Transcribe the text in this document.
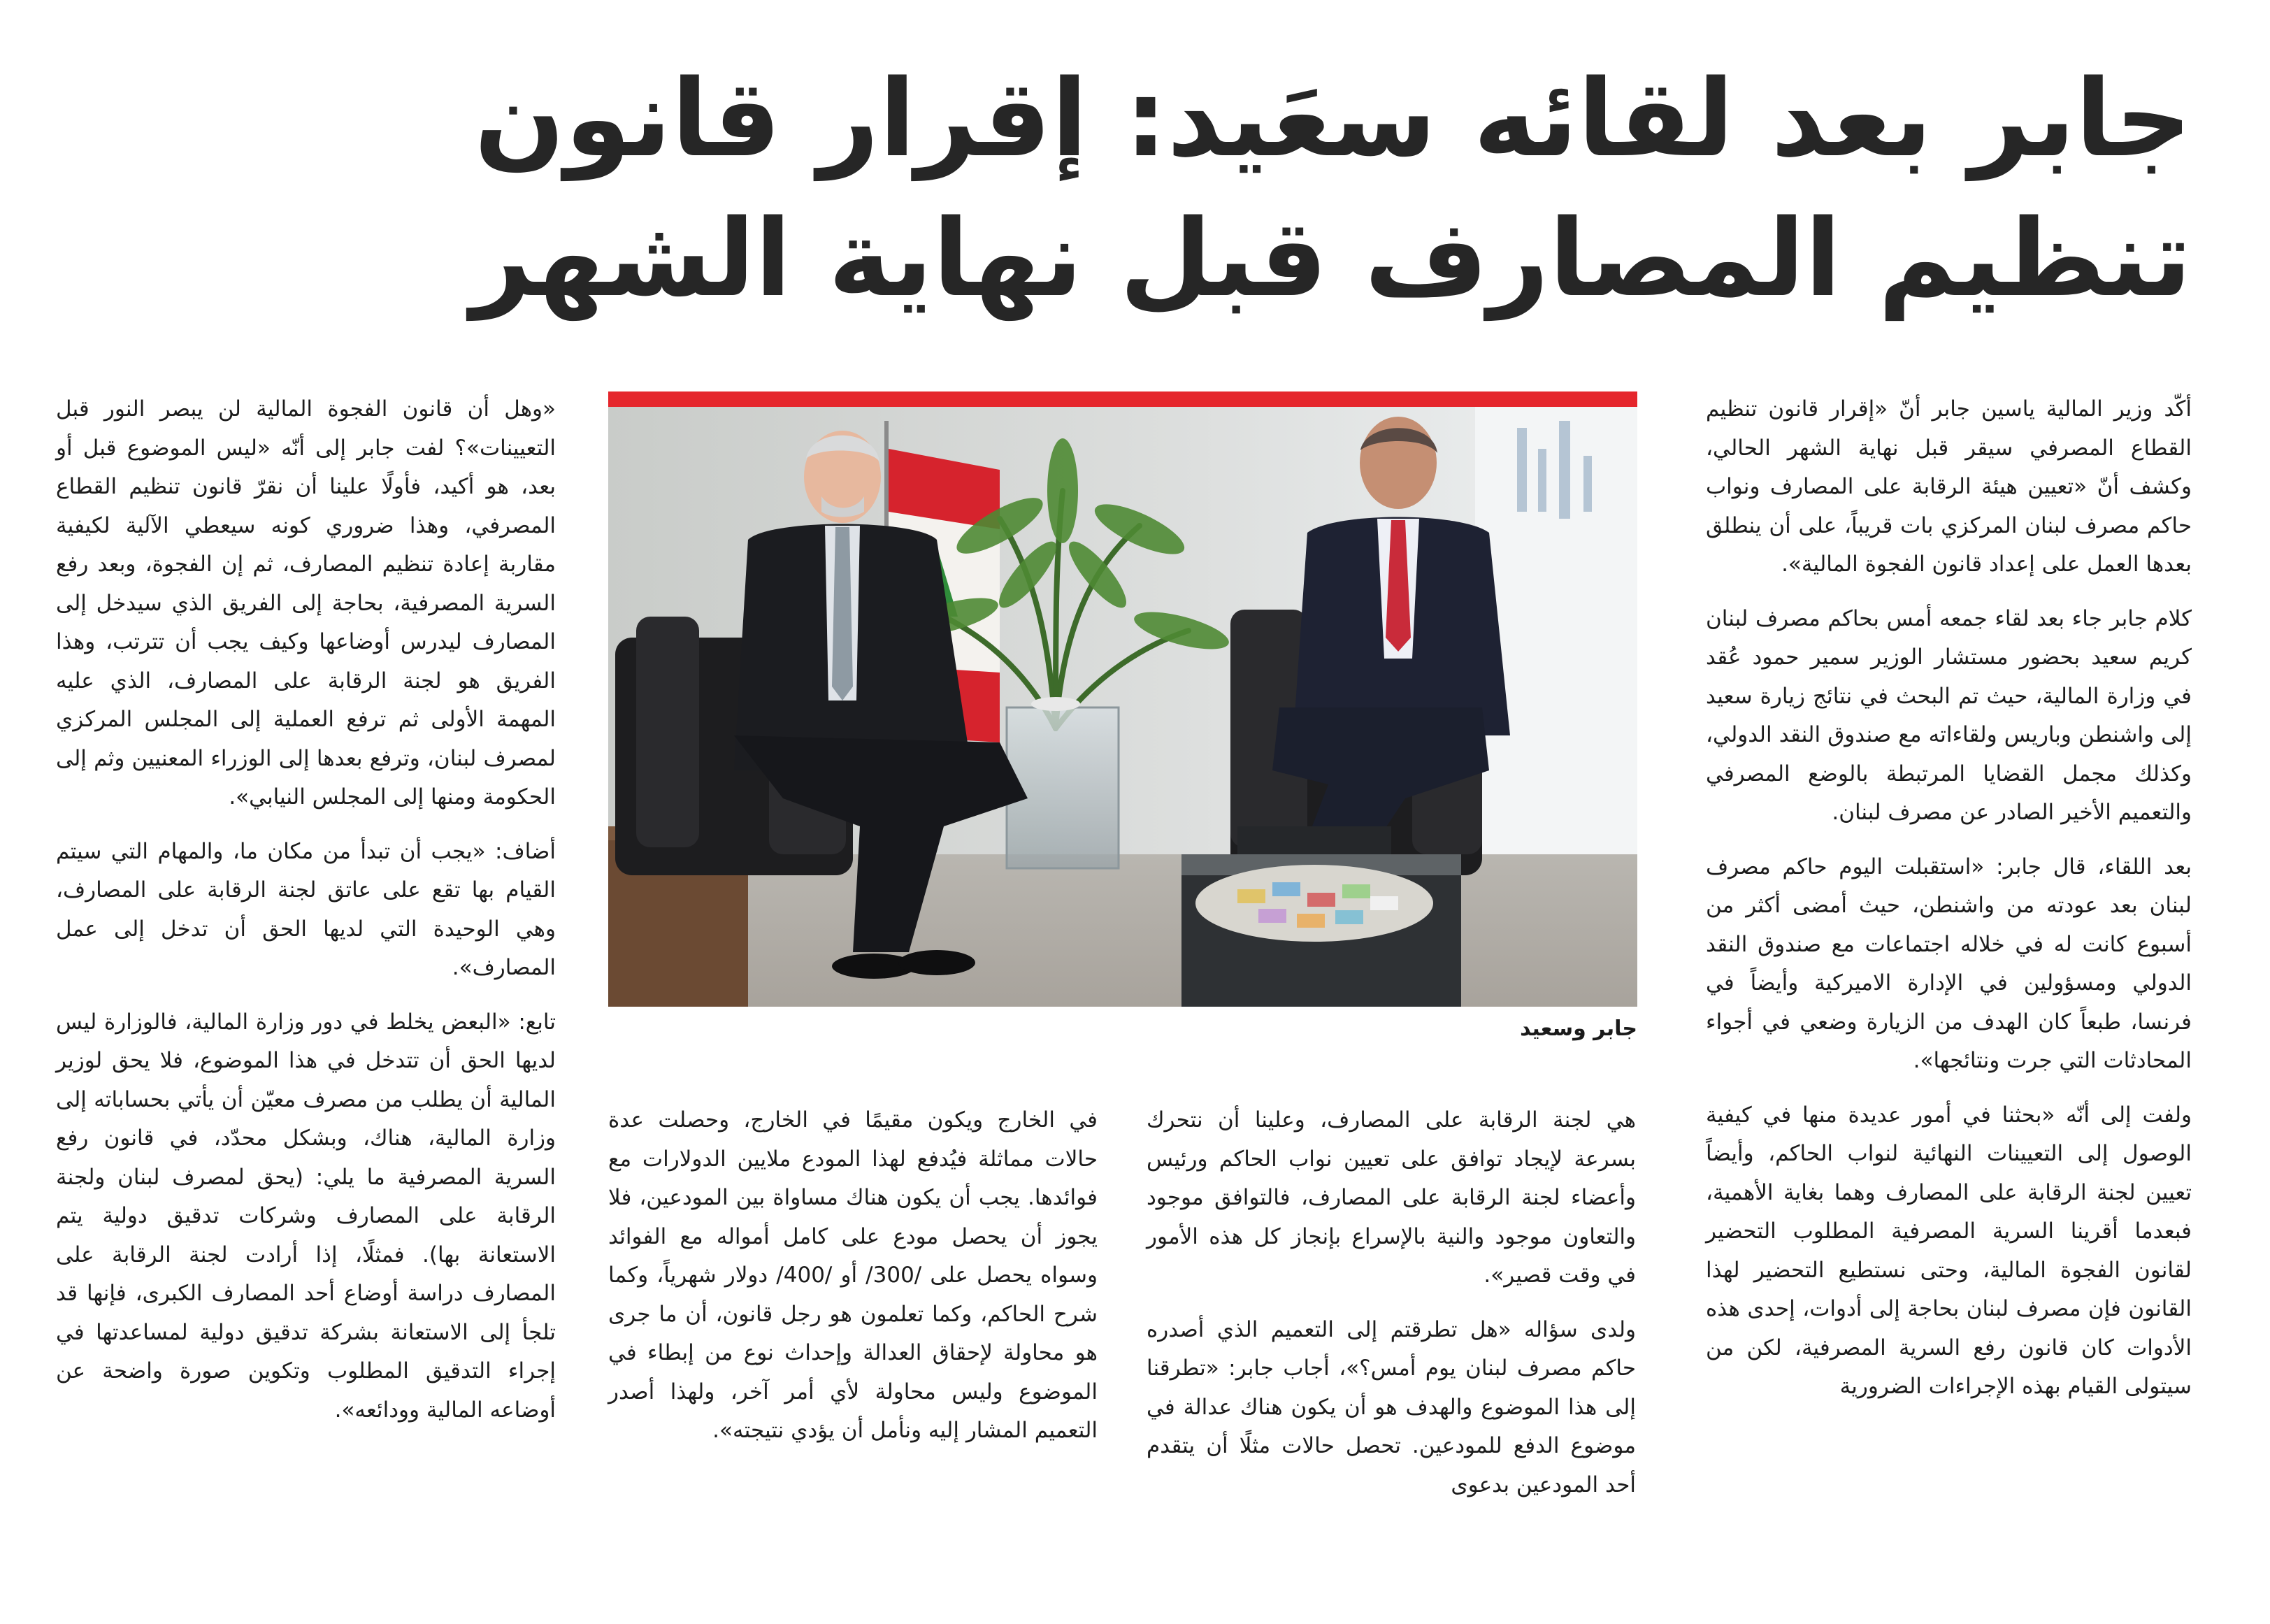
جابر بعد لقائه سعَيد: إقرار قانون
تنظيم المصارف قبل نهاية الشهر

أكّد وزير المالية ياسين جابر أنّ «إقرار قانون تنظيم القطاع المصرفي سيقر قبل نهاية الشهر الحالي، وكشف أنّ «تعيين هيئة الرقابة على المصارف ونواب حاكم مصرف لبنان المركزي بات قريباً، على أن ينطلق بعدها العمل على إعداد قانون الفجوة المالية».

كلام جابر جاء بعد لقاء جمعه أمس بحاكم مصرف لبنان كريم سعيد بحضور مستشار الوزير سمير حمود عُقد في وزارة المالية، حيث تم البحث في نتائج زيارة سعيد إلى واشنطن وباريس ولقاءاته مع صندوق النقد الدولي، وكذلك مجمل القضايا المرتبطة بالوضع المصرفي والتعميم الأخير الصادر عن مصرف لبنان.

بعد اللقاء، قال جابر: «استقبلت اليوم حاكم مصرف لبنان بعد عودته من واشنطن، حيث أمضى أكثر من أسبوع كانت له في خلاله اجتماعات مع صندوق النقد الدولي ومسؤولين في الإدارة الاميركية وأيضاً في فرنسا، طبعاً كان الهدف من الزيارة وضعي في أجواء المحادثات التي جرت ونتائجها».

ولفت إلى أنّه «بحثنا في أمور عديدة منها في كيفية الوصول إلى التعيينات النهائية لنواب الحاكم، وأيضاً تعيين لجنة الرقابة على المصارف وهما بغاية الأهمية، فبعدما أقرينا السرية المصرفية المطلوب التحضير لقانون الفجوة المالية، وحتى نستطيع التحضير لهذا القانون فإن مصرف لبنان بحاجة إلى أدوات، إحدى هذه الأدوات كان قانون رفع السرية المصرفية، لكن من سيتولى القيام بهذه الإجراءات الضرورية

جابر وسعيد

هي لجنة الرقابة على المصارف، وعلينا أن نتحرك بسرعة لإيجاد توافق على تعيين نواب الحاكم ورئيس وأعضاء لجنة الرقابة على المصارف، فالتوافق موجود والتعاون موجود والنية بالإسراع بإنجاز كل هذه الأمور في وقت قصير».

ولدى سؤاله «هل تطرقتم إلى التعميم الذي أصدره حاكم مصرف لبنان يوم أمس؟»، أجاب جابر: «تطرقنا إلى هذا الموضوع والهدف هو أن يكون هناك عدالة في موضوع الدفع للمودعين. تحصل حالات مثلًا أن يتقدم أحد المودعين بدعوى

في الخارج ويكون مقيمًا في الخارج، وحصلت عدة حالات مماثلة فيُدفع لهذا المودع ملايين الدولارات مع فوائدها. يجب أن يكون هناك مساواة بين المودعين، فلا يجوز أن يحصل مودع على كامل أمواله مع الفوائد وسواه يحصل على /300/ أو /400/ دولار شهرياً، وكما شرح الحاكم، وكما تعلمون هو رجل قانون، أن ما جرى هو محاولة لإحقاق العدالة وإحداث نوع من إبطاء في الموضوع وليس محاولة لأي أمر آخر، ولهذا أصدر التعميم المشار إليه ونأمل أن يؤدي نتيجته».

«وهل أن قانون الفجوة المالية لن يبصر النور قبل التعيينات»؟ لفت جابر إلى أنّه «ليس الموضوع قبل أو بعد، هو أكيد، فأولًا علينا أن نقرّ قانون تنظيم القطاع المصرفي، وهذا ضروري كونه سيعطي الآلية لكيفية مقاربة إعادة تنظيم المصارف، ثم إن الفجوة، وبعد رفع السرية المصرفية، بحاجة إلى الفريق الذي سيدخل إلى المصارف ليدرس أوضاعها وكيف يجب أن تترتب، وهذا الفريق هو لجنة الرقابة على المصارف، الذي عليه المهمة الأولى ثم ترفع العملية إلى المجلس المركزي لمصرف لبنان، وترفع بعدها إلى الوزراء المعنيين وثم إلى الحكومة ومنها إلى المجلس النيابي».

أضاف: «يجب أن تبدأ من مكان ما، والمهام التي سيتم القيام بها تقع على عاتق لجنة الرقابة على المصارف، وهي الوحيدة التي لديها الحق أن تدخل إلى عمل المصارف».

تابع: «البعض يخلط في دور وزارة المالية، فالوزارة ليس لديها الحق أن تتدخل في هذا الموضوع، فلا يحق لوزير المالية أن يطلب من مصرف معيّن أن يأتي بحساباته إلى وزارة المالية، هناك، وبشكل محدّد، في قانون رفع السرية المصرفية ما يلي: (يحق لمصرف لبنان ولجنة الرقابة على المصارف وشركات تدقيق دولية يتم الاستعانة بها). فمثلًا، إذا أرادت لجنة الرقابة على المصارف دراسة أوضاع أحد المصارف الكبرى، فإنها قد تلجأ إلى الاستعانة بشركة تدقيق دولية لمساعدتها في إجراء التدقيق المطلوب وتكوين صورة واضحة عن أوضاعه المالية وودائعه».
